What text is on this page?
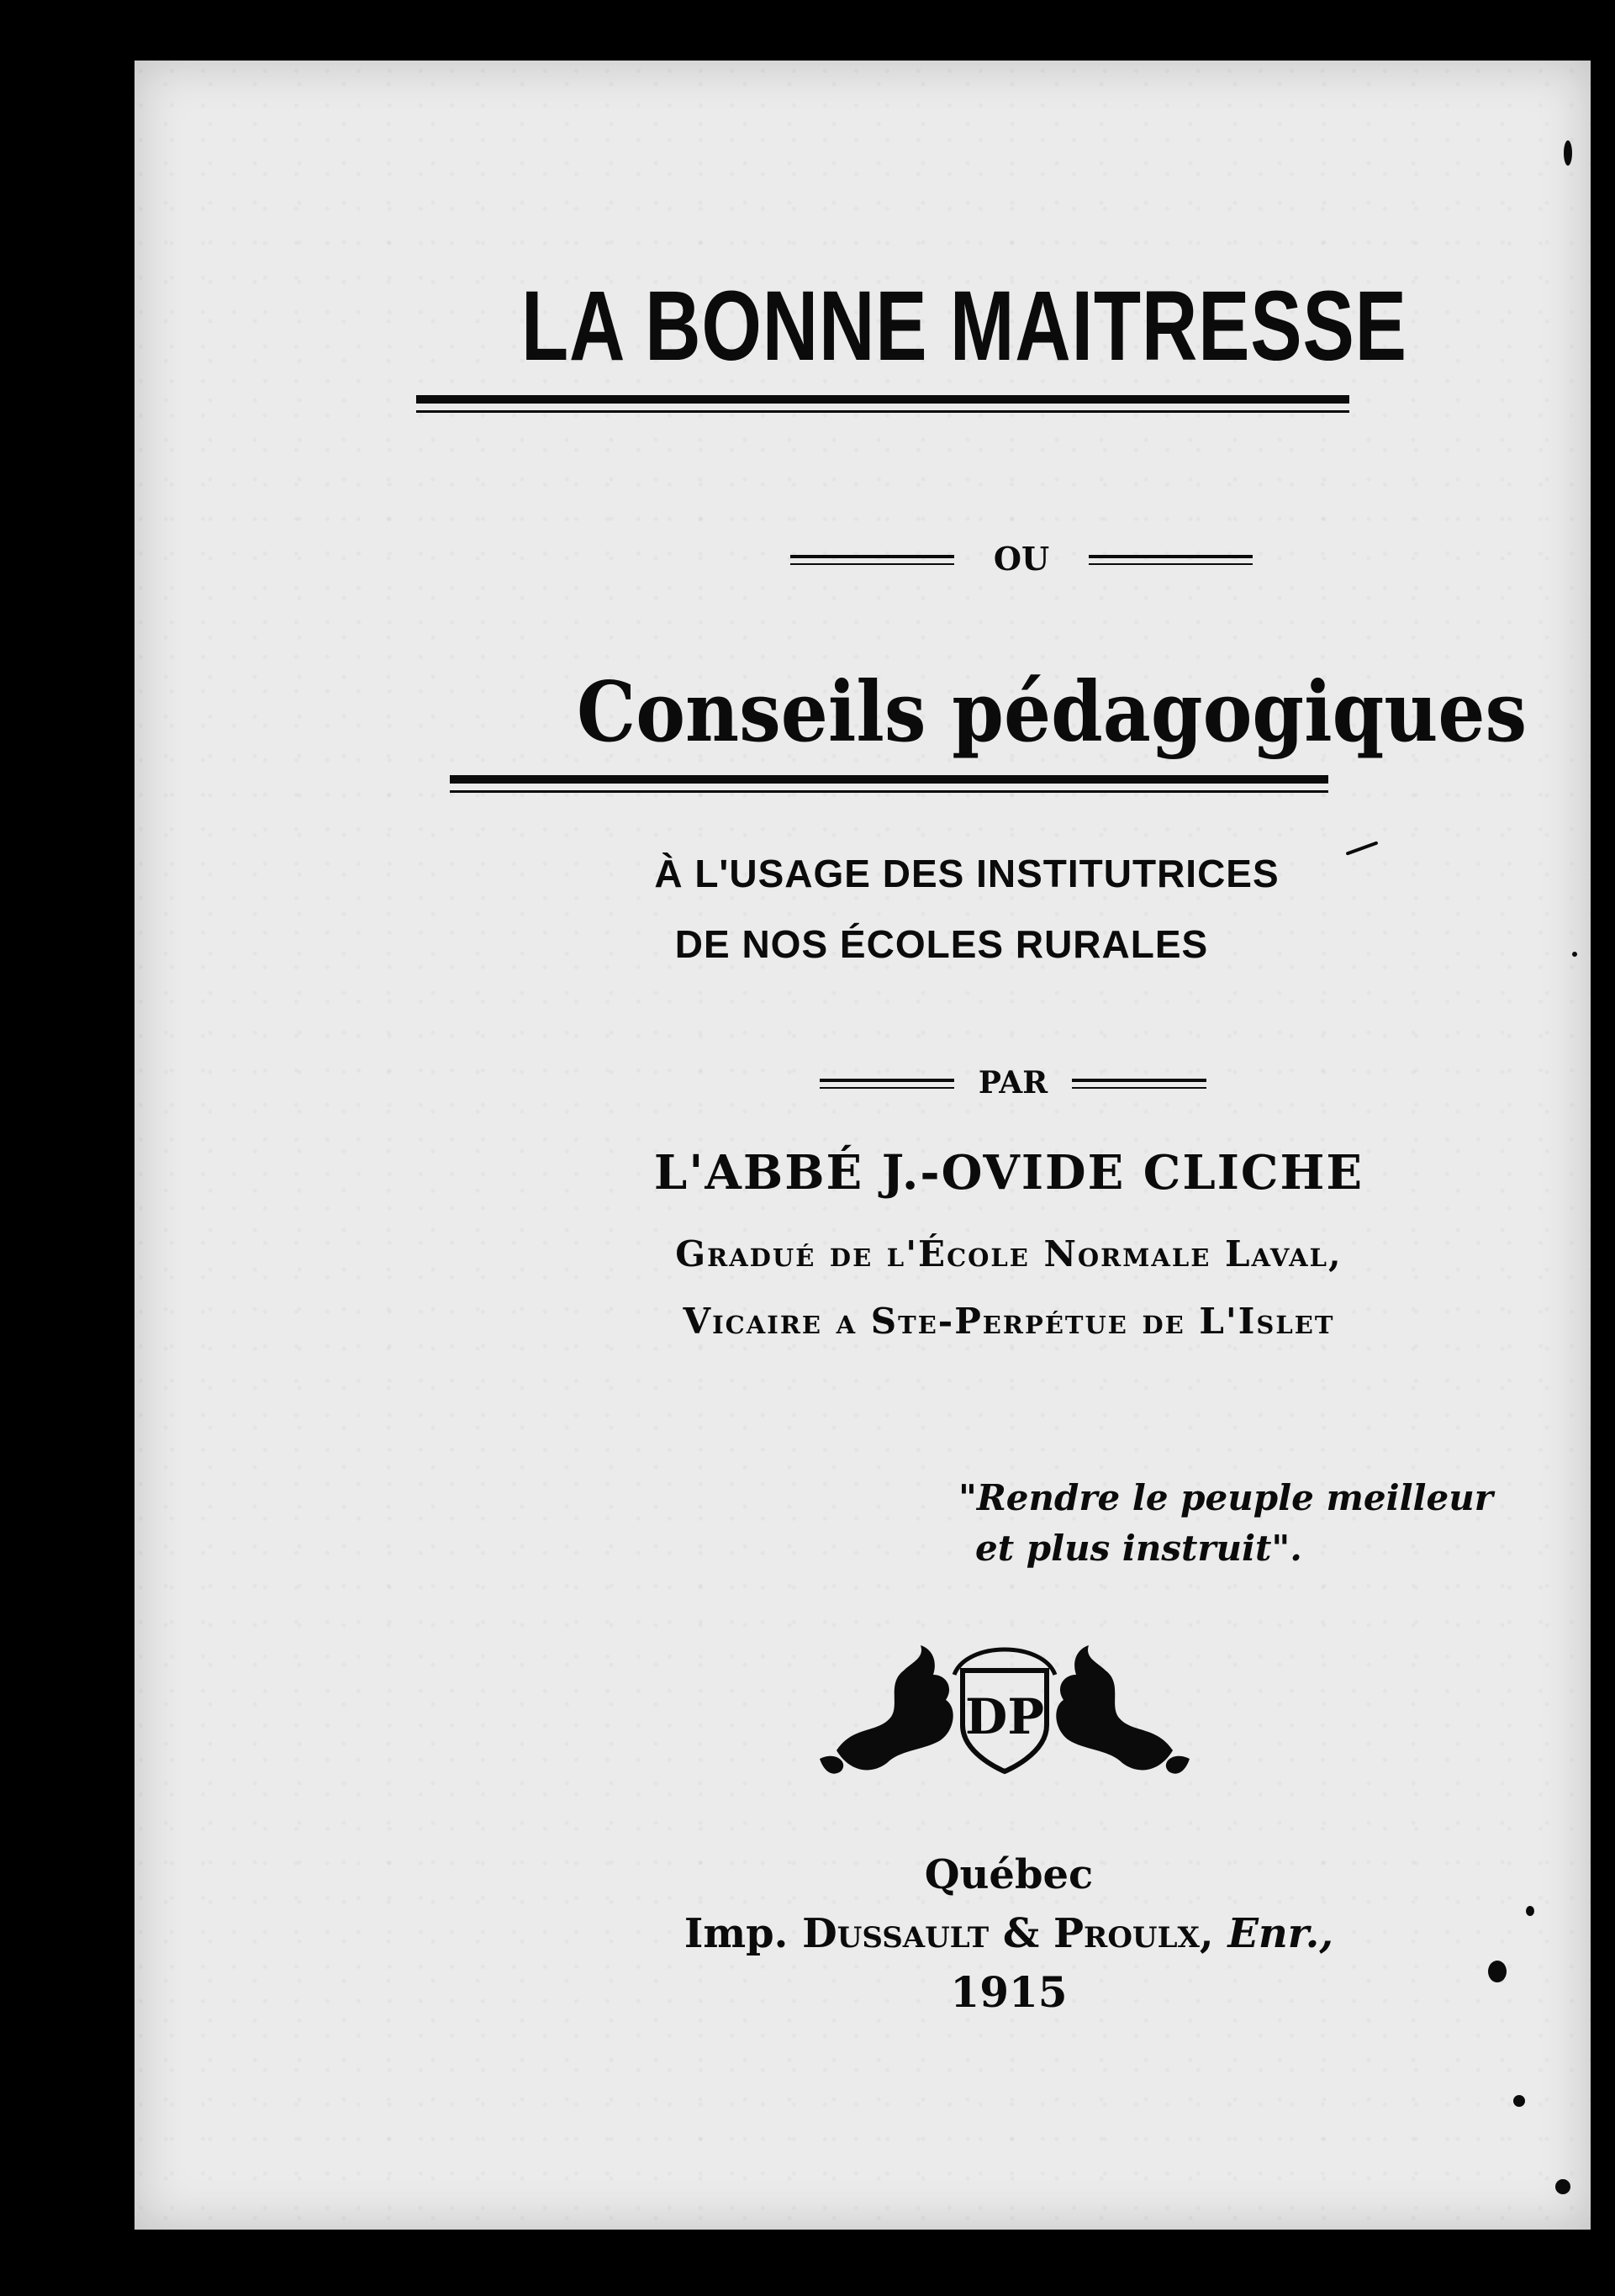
LA BONNE MAITRESSE
OU
Conseils pédagogiques
À L'USAGE DES INSTITUTRICES
DE NOS ÉCOLES RURALES
PAR
L'ABBÉ J.-OVIDE CLICHE
Gradué de l'École Normale Laval,
Vicaire a Ste-Perpétue de L'Islet
"Rendre le peuple meilleur
et plus instruit".
DP
Québec
Imp. Dussault & Proulx, Enr.,
1915
